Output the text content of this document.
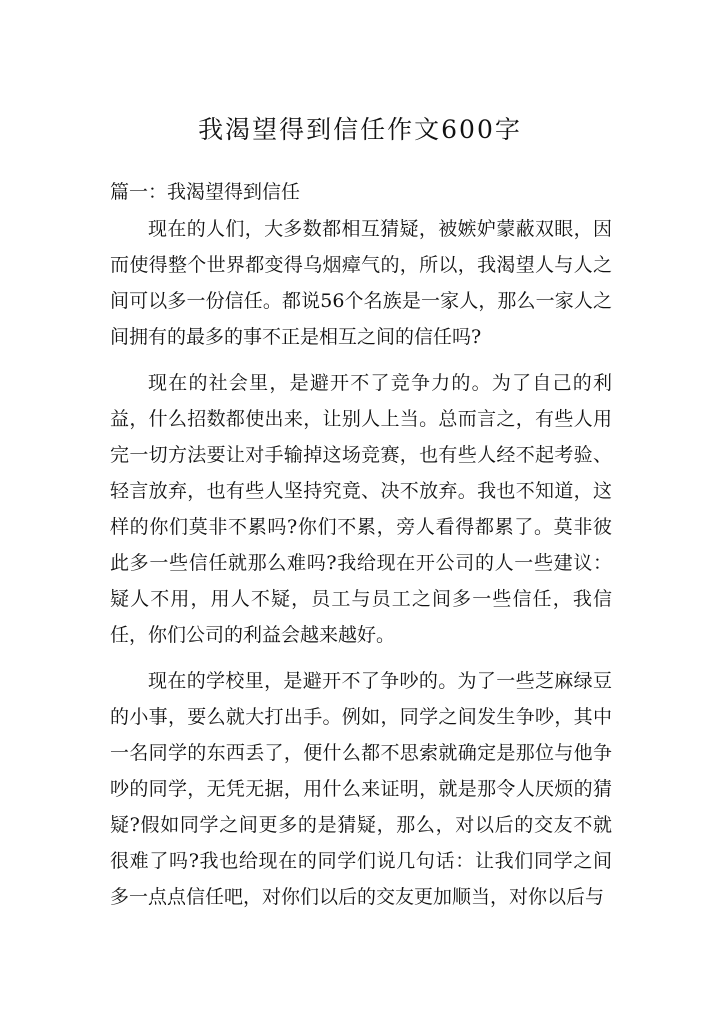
我渴望得到信任作文600字
篇一：我渴望得到信任

现在的人们，大多数都相互猜疑，被嫉妒蒙蔽双眼，因而使得整个世界都变得乌烟瘴气的，所以，我渴望人与人之间可以多一份信任。都说56个名族是一家人，那么一家人之间拥有的最多的事不正是相互之间的信任吗?

现在的社会里，是避开不了竞争力的。为了自己的利益，什么招数都使出来，让别人上当。总而言之，有些人用完一切方法要让对手输掉这场竞赛，也有些人经不起考验、轻言放弃，也有些人坚持究竟、决不放弃。我也不知道，这样的你们莫非不累吗?你们不累，旁人看得都累了。莫非彼此多一些信任就那么难吗?我给现在开公司的人一些建议：疑人不用，用人不疑，员工与员工之间多一些信任，我信任，你们公司的利益会越来越好。

现在的学校里，是避开不了争吵的。为了一些芝麻绿豆的小事，要么就大打出手。例如，同学之间发生争吵，其中一名同学的东西丢了，便什么都不思索就确定是那位与他争吵的同学，无凭无据，用什么来证明，就是那令人厌烦的猜疑?假如同学之间更多的是猜疑，那么，对以后的交友不就很难了吗?我也给现在的同学们说几句话：让我们同学之间多一点点信任吧，对你们以后的交友更加顺当，对你以后与
